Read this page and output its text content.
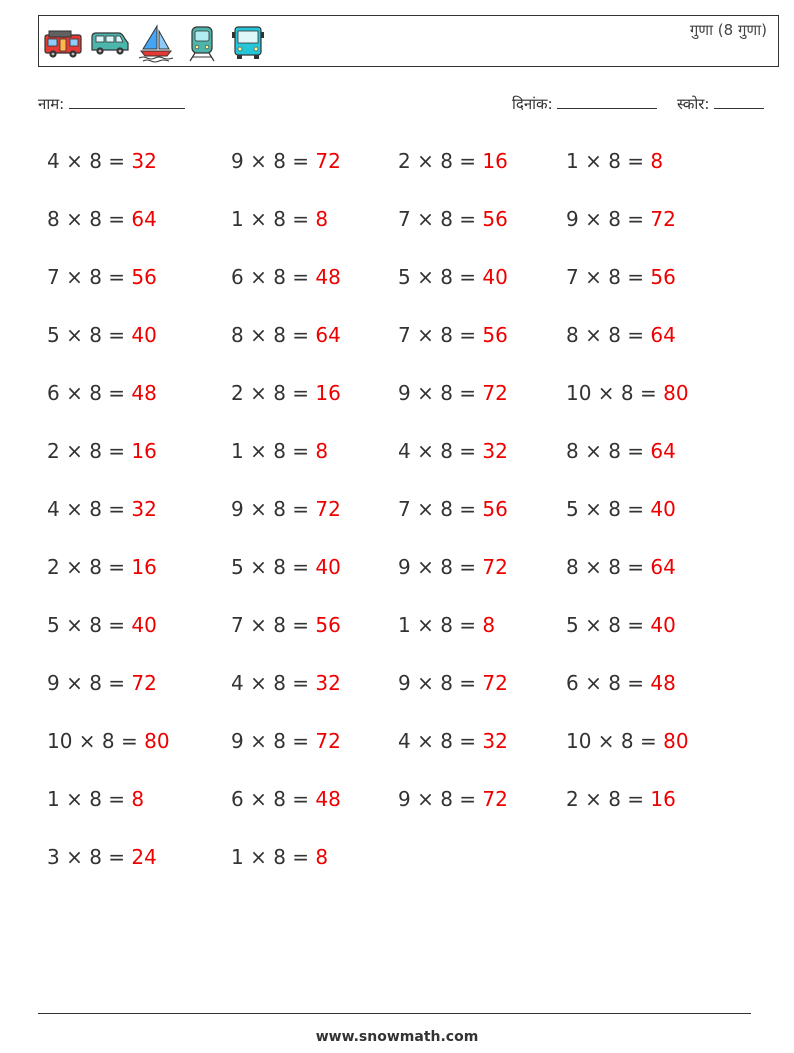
गुणा (8 गुणा)
नाम:	दिनांक:	स्कोर:
4 × 8 = 32	9 × 8 = 72	2 × 8 = 16	1 × 8 = 8
8 × 8 = 64	1 × 8 = 8	7 × 8 = 56	9 × 8 = 72
7 × 8 = 56	6 × 8 = 48	5 × 8 = 40	7 × 8 = 56
5 × 8 = 40	8 × 8 = 64	7 × 8 = 56	8 × 8 = 64
6 × 8 = 48	2 × 8 = 16	9 × 8 = 72	10 × 8 = 80
2 × 8 = 16	1 × 8 = 8	4 × 8 = 32	8 × 8 = 64
4 × 8 = 32	9 × 8 = 72	7 × 8 = 56	5 × 8 = 40
2 × 8 = 16	5 × 8 = 40	9 × 8 = 72	8 × 8 = 64
5 × 8 = 40	7 × 8 = 56	1 × 8 = 8	5 × 8 = 40
9 × 8 = 72	4 × 8 = 32	9 × 8 = 72	6 × 8 = 48
10 × 8 = 80	9 × 8 = 72	4 × 8 = 32	10 × 8 = 80
1 × 8 = 8	6 × 8 = 48	9 × 8 = 72	2 × 8 = 16
3 × 8 = 24	1 × 8 = 8
www.snowmath.com
